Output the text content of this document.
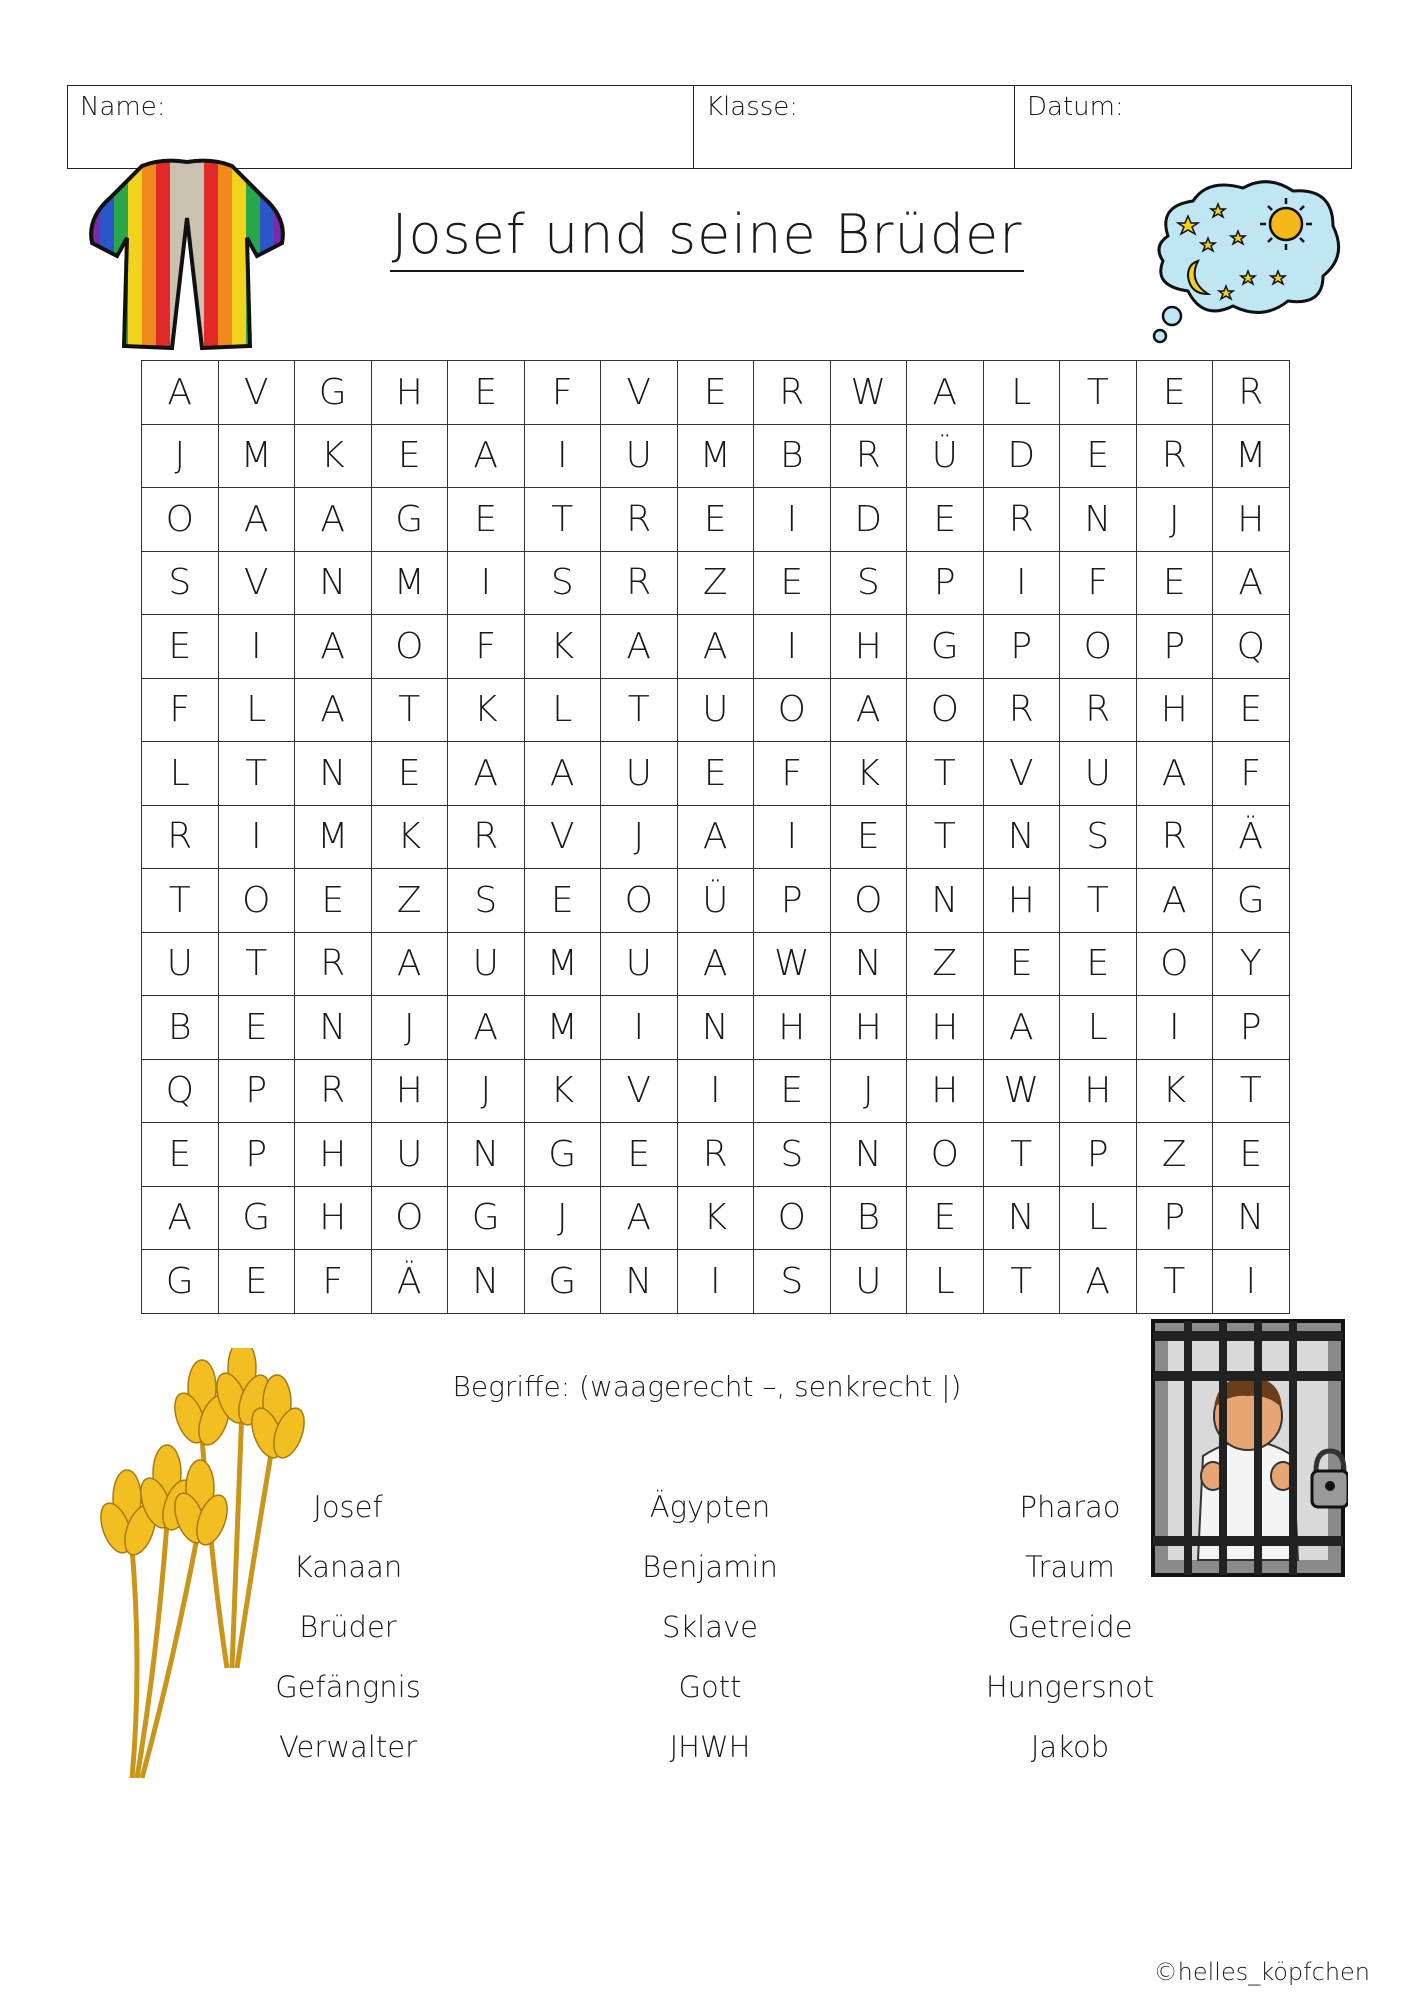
Name:	Klasse:	Datum:
Josef und seine Brüder
A	V	G	H	E	F	V	E	R	W	A	L	T	E	R
J	M	K	E	A	I	U	M	B	R	Ü	D	E	R	M
O	A	A	G	E	T	R	E	I	D	E	R	N	J	H
S	V	N	M	I	S	R	Z	E	S	P	I	F	E	A
E	I	A	O	F	K	A	A	I	H	G	P	O	P	Q
F	L	A	T	K	L	T	U	O	A	O	R	R	H	E
L	T	N	E	A	A	U	E	F	K	T	V	U	A	F
R	I	M	K	R	V	J	A	I	E	T	N	S	R	Ä
T	O	E	Z	S	E	O	Ü	P	O	N	H	T	A	G
U	T	R	A	U	M	U	A	W	N	Z	E	E	O	Y
B	E	N	J	A	M	I	N	H	H	H	A	L	I	P
Q	P	R	H	J	K	V	I	E	J	H	W	H	K	T
E	P	H	U	N	G	E	R	S	N	O	T	P	Z	E
A	G	H	O	G	J	A	K	O	B	E	N	L	P	N
G	E	F	Ä	N	G	N	I	S	U	L	T	A	T	I
Begriffe: (waagerecht –, senkrecht |)
Josef
Kanaan
Brüder
Gefängnis
Verwalter
Ägypten
Benjamin
Sklave
Gott
JHWH
Pharao
Traum
Getreide
Hungersnot
Jakob
©helles_köpfchen
